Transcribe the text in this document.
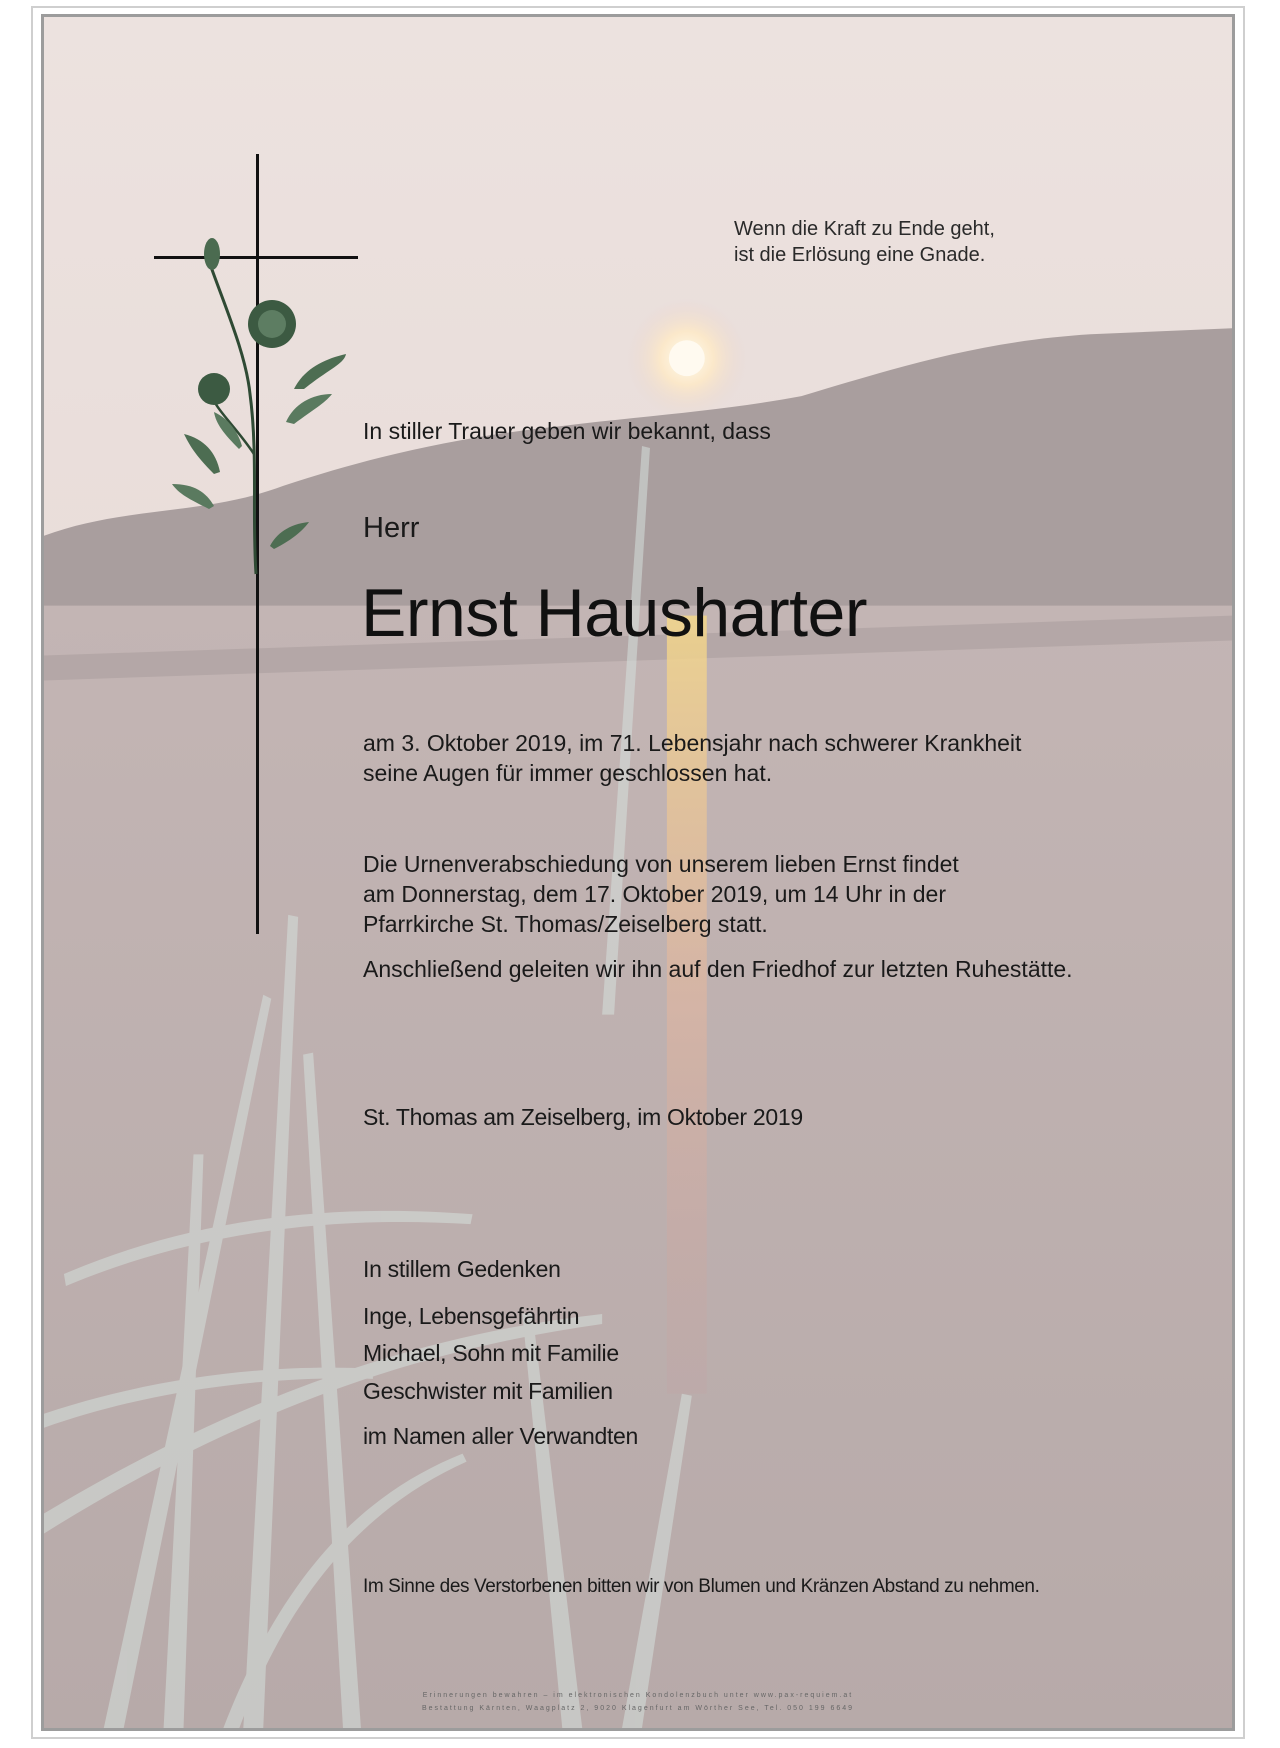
Wenn die Kraft zu Ende geht,
ist die Erlösung eine Gnade.
In stiller Trauer geben wir bekannt, dass
Herr
Ernst Hausharter
am 3. Oktober 2019, im 71. Lebensjahr nach schwerer Krankheit
seine Augen für immer geschlossen hat.
Die Urnenverabschiedung von unserem lieben Ernst findet
am Donnerstag, dem 17. Oktober 2019, um 14 Uhr in der
Pfarrkirche St. Thomas/Zeiselberg statt.
Anschließend geleiten wir ihn auf den Friedhof zur letzten Ruhestätte.
St. Thomas am Zeiselberg, im Oktober 2019
In stillem Gedenken
Inge, Lebensgefährtin
Michael, Sohn mit Familie
Geschwister mit Familien
im Namen aller Verwandten
Im Sinne des Verstorbenen bitten wir von Blumen und Kränzen Abstand zu nehmen.
Erinnerungen bewahren – im elektronischen Kondolenzbuch unter www.pax-requiem.at
Bestattung Kärnten, Waagplatz 2, 9020 Klagenfurt am Wörther See, Tel. 050 199 6649
